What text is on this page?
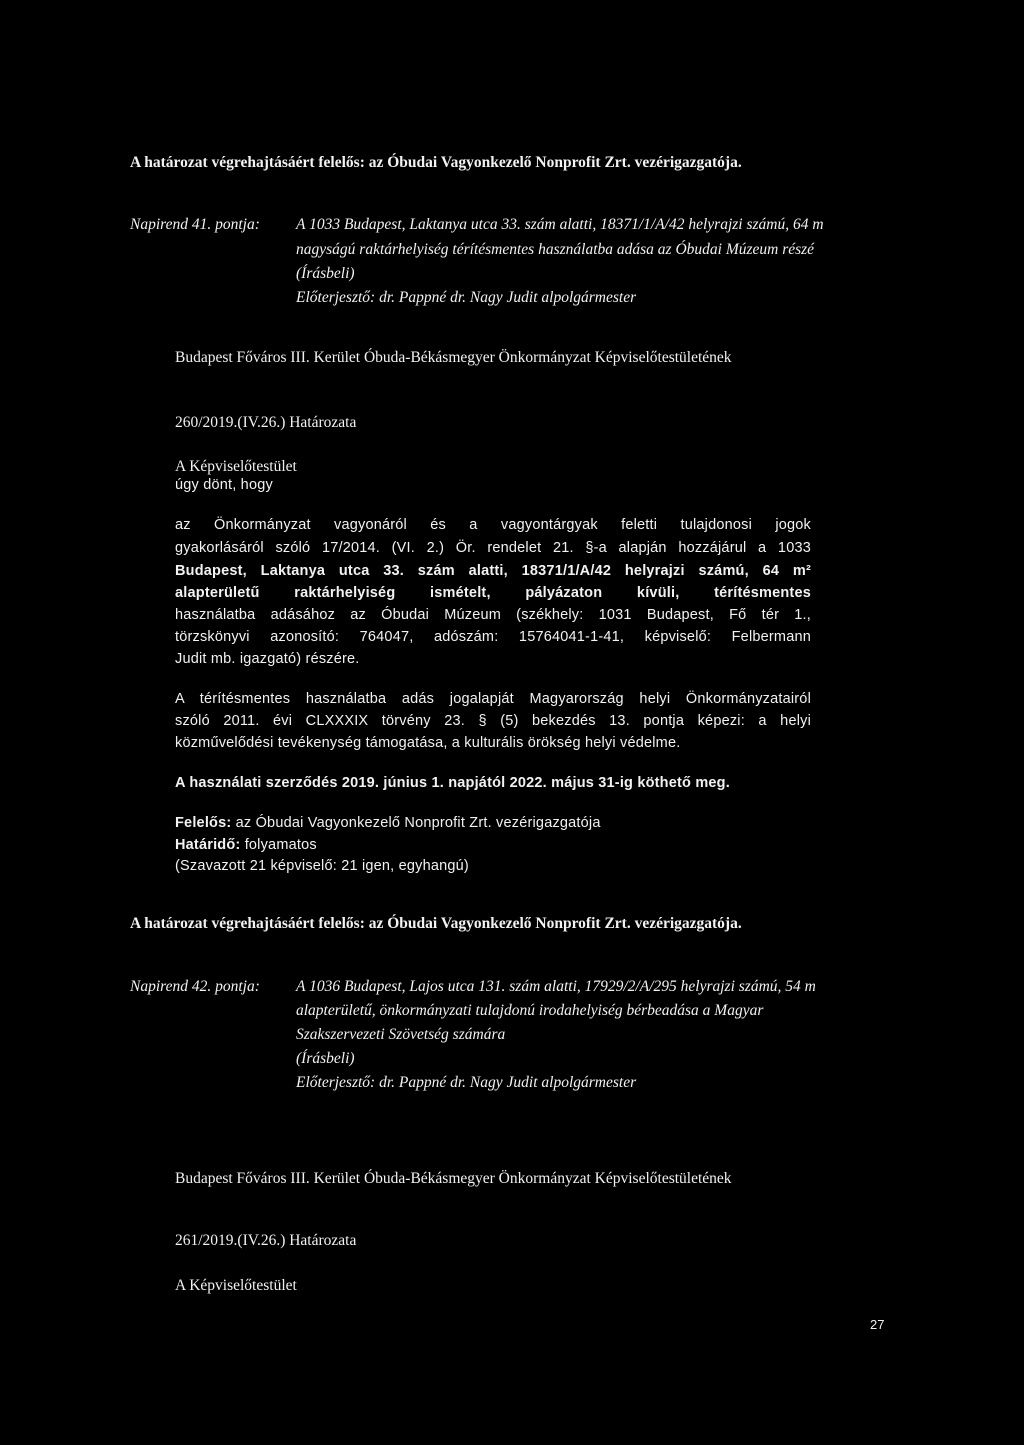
A határozat végrehajtásáért felelős: az Óbudai Vagyonkezelő Nonprofit Zrt. vezérigazgatója.
Napirend 41. pontja: A 1033 Budapest, Laktanya utca 33. szám alatti, 18371/1/A/42 helyrajzi számú, 64 m
nagyságú raktárhelyiség térítésmentes használatba adása az Óbudai Múzeum részé
(Írásbeli)
Előterjesztő: dr. Pappné dr. Nagy Judit alpolgármester
Budapest Főváros III. Kerület Óbuda-Békásmegyer Önkormányzat Képviselőtestületének
260/2019.(IV.26.) Határozata
A Képviselőtestület
úgy dönt, hogy
az Önkormányzat vagyonáról és a vagyontárgyak feletti tulajdonosi jogok
gyakorlásáról szóló 17/2014. (VI. 2.) Ör. rendelet 21. §-a alapján hozzájárul a 1033
Budapest, Laktanya utca 33. szám alatti, 18371/1/A/42 helyrajzi számú, 64 m²
alapterületű raktárhelyiség ismételt, pályázaton kívüli, térítésmentes
használatba adásához az Óbudai Múzeum (székhely: 1031 Budapest, Fő tér 1.,
törzskönyvi azonosító: 764047, adószám: 15764041-1-41, képviselő: Felbermann
Judit mb. igazgató) részére.
A térítésmentes használatba adás jogalapját Magyarország helyi Önkormányzatairól
szóló 2011. évi CLXXXIX törvény 23. § (5) bekezdés 13. pontja képezi: a helyi
közművelődési tevékenység támogatása, a kulturális örökség helyi védelme.
A használati szerződés 2019. június 1. napjától 2022. május 31-ig köthető meg.
Felelős: az Óbudai Vagyonkezelő Nonprofit Zrt. vezérigazgatója
Határidő: folyamatos
(Szavazott 21 képviselő: 21 igen, egyhangú)
A határozat végrehajtásáért felelős: az Óbudai Vagyonkezelő Nonprofit Zrt. vezérigazgatója.
Napirend 42. pontja: A 1036 Budapest, Lajos utca 131. szám alatti, 17929/2/A/295 helyrajzi számú, 54 m
alapterületű, önkormányzati tulajdonú irodahelyiség bérbeadása a Magyar
Szakszervezeti Szövetség számára
(Írásbeli)
Előterjesztő: dr. Pappné dr. Nagy Judit alpolgármester
Budapest Főváros III. Kerület Óbuda-Békásmegyer Önkormányzat Képviselőtestületének
261/2019.(IV.26.) Határozata
A Képviselőtestület
27
